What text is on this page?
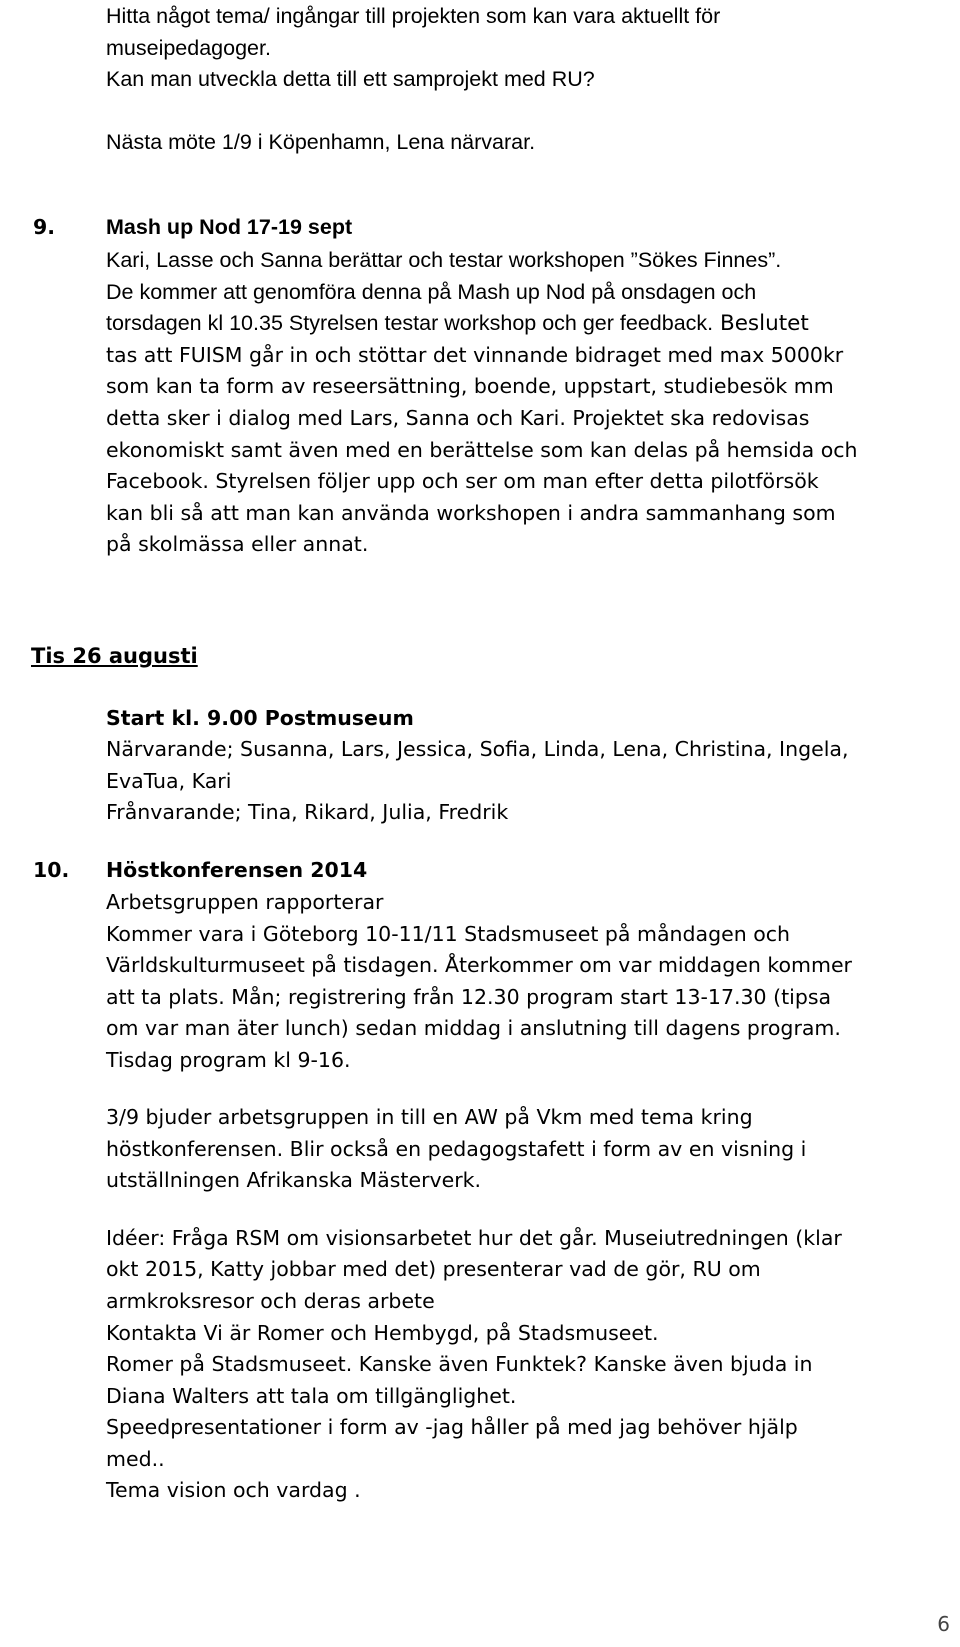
Hitta något tema/ ingångar till projekten som kan vara aktuellt för
museipedagoger.
Kan man utveckla detta till ett samprojekt med RU?
Nästa möte 1/9 i Köpenhamn, Lena närvarar.
9. Mash up Nod 17-19 sept
Kari, Lasse och Sanna berättar och testar workshopen ”Sökes Finnes”.
De kommer att genomföra denna på Mash up Nod på onsdagen och
torsdagen kl 10.35 Styrelsen testar workshop och ger feedback. Beslutet
tas att FUISM går in och stöttar det vinnande bidraget med max 5000kr
som kan ta form av reseersättning, boende, uppstart, studiebesök mm
detta sker i dialog med Lars, Sanna och Kari. Projektet ska redovisas
ekonomiskt samt även med en berättelse som kan delas på hemsida och
Facebook. Styrelsen följer upp och ser om man efter detta pilotförsök
kan bli så att man kan använda workshopen i andra sammanhang som
på skolmässa eller annat.
Tis 26 augusti
Start kl. 9.00 Postmuseum
Närvarande; Susanna, Lars, Jessica, Sofia, Linda, Lena, Christina, Ingela,
EvaTua, Kari
Frånvarande; Tina, Rikard, Julia, Fredrik
10. Höstkonferensen 2014
Arbetsgruppen rapporterar
Kommer vara i Göteborg 10-11/11 Stadsmuseet på måndagen och
Världskulturmuseet på tisdagen. Återkommer om var middagen kommer
att ta plats. Mån; registrering från 12.30 program start 13-17.30 (tipsa
om var man äter lunch) sedan middag i anslutning till dagens program.
Tisdag program kl 9-16.
3/9 bjuder arbetsgruppen in till en AW på Vkm med tema kring
höstkonferensen. Blir också en pedagogstafett i form av en visning i
utställningen Afrikanska Mästerverk.
Idéer: Fråga RSM om visionsarbetet hur det går. Museiutredningen (klar
okt 2015, Katty jobbar med det) presenterar vad de gör, RU om
armkroksresor och deras arbete
Kontakta Vi är Romer och Hembygd, på Stadsmuseet.
Romer på Stadsmuseet. Kanske även Funktek? Kanske även bjuda in
Diana Walters att tala om tillgänglighet.
Speedpresentationer i form av -jag håller på med jag behöver hjälp
med..
Tema vision och vardag .
6
